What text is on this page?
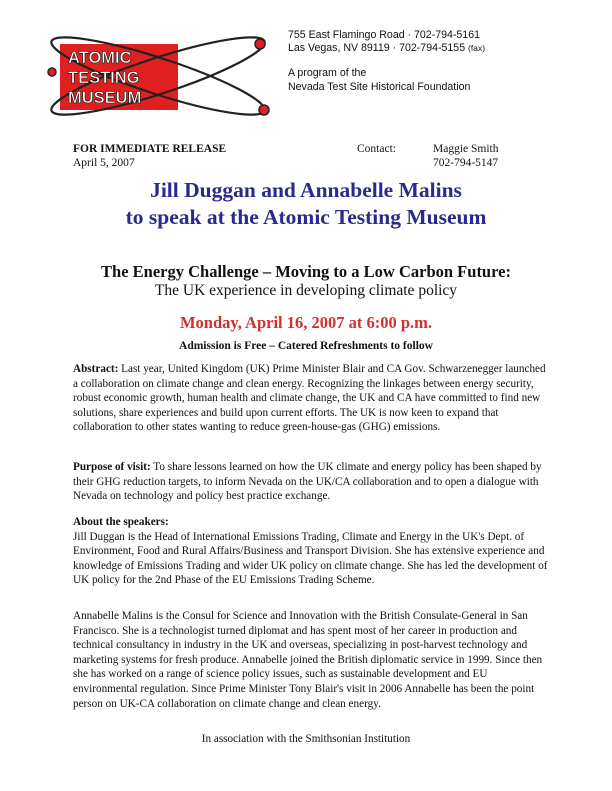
ATOMIC
TESTING
MUSEUM
755 East Flamingo Road · 702-794-5161
Las Vegas, NV 89119 · 702-794-5155 (fax)
A program of the
Nevada Test Site Historical Foundation
FOR IMMEDIATE RELEASE
April 5, 2007
Contact:	Maggie Smith
702-794-5147
Jill Duggan and Annabelle Malins
to speak at the Atomic Testing Museum
The Energy Challenge – Moving to a Low Carbon Future:
The UK experience in developing climate policy
Monday, April 16, 2007 at 6:00 p.m.
Admission is Free – Catered Refreshments to follow
Abstract: Last year, United Kingdom (UK) Prime Minister Blair and CA Gov. Schwarzenegger launched a collaboration on climate change and clean energy. Recognizing the linkages between energy security, robust economic growth, human health and climate change, the UK and CA have committed to find new solutions, share experiences and build upon current efforts. The UK is now keen to expand that collaboration to other states wanting to reduce green-house-gas (GHG) emissions.
Purpose of visit: To share lessons learned on how the UK climate and energy policy has been shaped by their GHG reduction targets, to inform Nevada on the UK/CA collaboration and to open a dialogue with Nevada on technology and policy best practice exchange.
About the speakers:
Jill Duggan is the Head of International Emissions Trading, Climate and Energy in the UK's Dept. of Environment, Food and Rural Affairs/Business and Transport Division. She has extensive experience and knowledge of Emissions Trading and wider UK policy on climate change. She has led the development of UK policy for the 2nd Phase of the EU Emissions Trading Scheme.
Annabelle Malins is the Consul for Science and Innovation with the British Consulate-General in San Francisco. She is a technologist turned diplomat and has spent most of her career in production and technical consultancy in industry in the UK and overseas, specializing in post-harvest technology and marketing systems for fresh produce. Annabelle joined the British diplomatic service in 1999. Since then she has worked on a range of science policy issues, such as sustainable development and EU environmental regulation. Since Prime Minister Tony Blair's visit in 2006 Annabelle has been the point person on UK-CA collaboration on climate change and clean energy.
In association with the Smithsonian Institution
